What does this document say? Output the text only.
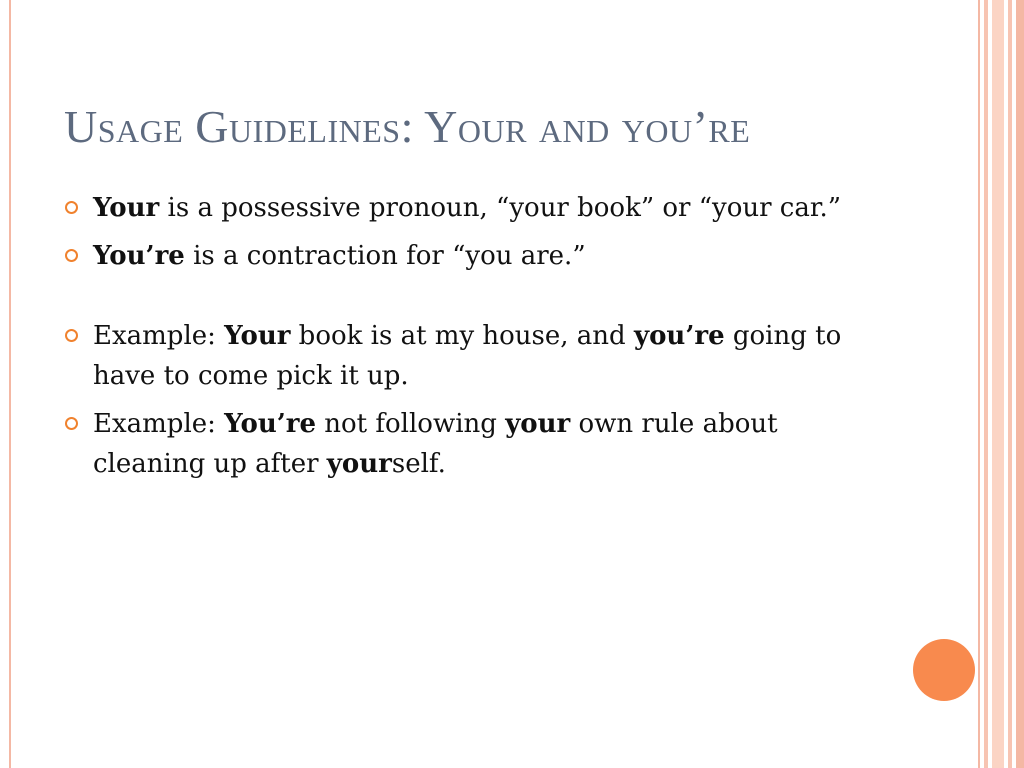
Usage Guidelines: Your and you’re
Your is a possessive pronoun, “your book” or “your car.”
You’re is a contraction for “you are.”
Example: Your book is at my house, and you’re going to have to come pick it up.
Example: You’re not following your own rule about cleaning up after yourself.
